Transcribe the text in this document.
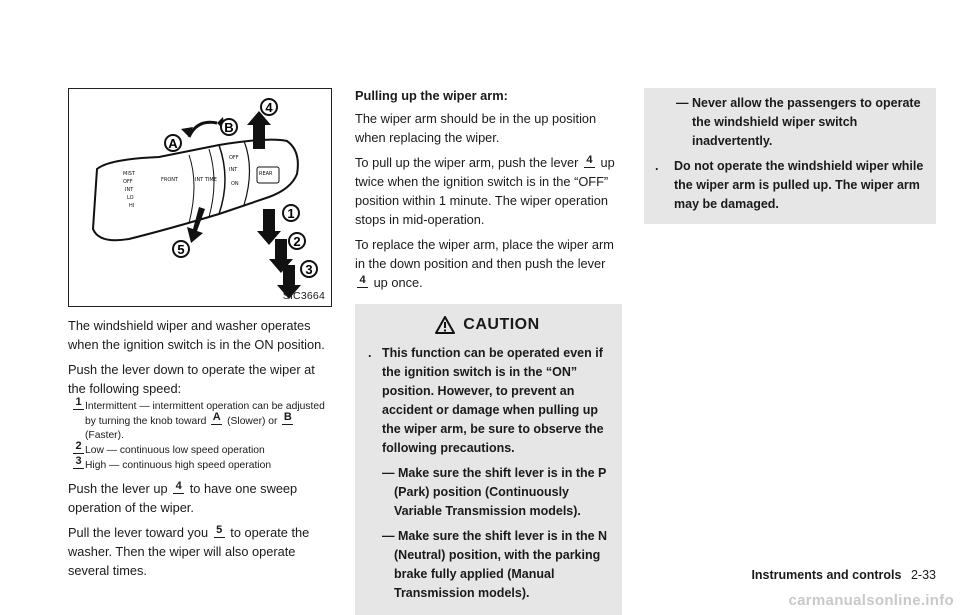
MIST
OFF
INT
LO
HI
FRONT	INT TIME
OFF
INT
ON
REAR
A
B
4
1
2
3
5
SIC3664

The windshield wiper and washer operates when the ignition switch is in the ON position.

Push the lever down to operate the wiper at the following speed:

1 Intermittent — intermittent operation can be adjusted by turning the knob toward A (Slower) or B
(Faster).
2 Low — continuous low speed operation
3 High — continuous high speed operation

Push the lever up 4 to have one sweep operation of the wiper.

Pull the lever toward you 5 to operate the washer. Then the wiper will also operate several times.

Pulling up the wiper arm:

The wiper arm should be in the up position when replacing the wiper.

To pull up the wiper arm, push the lever 4 up twice when the ignition switch is in the “OFF” position within 1 minute. The wiper operation stops in mid-operation.

To replace the wiper arm, place the wiper arm in the down position and then push the lever
4 up once.

CAUTION
. This function can be operated even if the ignition switch is in the “ON” position. However, to prevent an accident or damage when pulling up the wiper arm, be sure to observe the following precautions.
— Make sure the shift lever is in the P (Park) position (Continuously Variable Transmission models).
— Make sure the shift lever is in the N (Neutral) position, with the parking brake fully applied (Manual Transmission models).
— Never allow the passengers to operate the windshield wiper switch inadvertently.
. Do not operate the windshield wiper while the wiper arm is pulled up. The wiper arm may be damaged.
Instruments and controls 2-33
carmanualsonline.info
